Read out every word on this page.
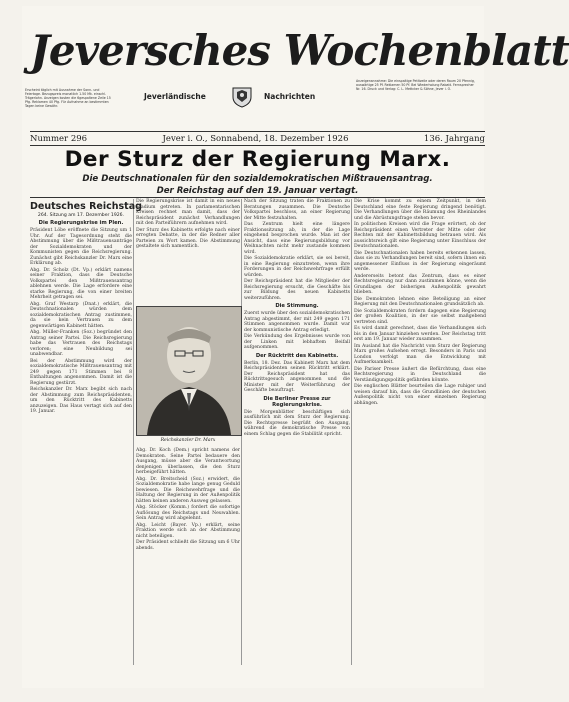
Erscheint täglich mit Ausnahme der Sonn- und Feiertage. Bezugspreis monatlich 1.50 Mk. einschl. Trägerlohn. Anzeigen kosten die 6gespaltene Zeile 15 Pfg. Reklamen 40 Pfg. Für Aufnahme an bestimmten Tagen keine Gewähr.
Anzeigenannahme: Die einspaltige Petitzeile oder deren Raum 20 Pfennig, auswärtige 25 Pf. Reklamen 50 Pf. Bei Wiederholung Rabatt. Fernsprecher Nr. 16. Druck und Verlag: C. L. Mettcker & Söhne, Jever i. O.
Jeversches Wochenblatt
Jeverländische	Nachrichten
Nummer 296	Jever i. O., Sonnabend, 18. Dezember 1926	136. Jahrgang
Der Sturz der Regierung Marx.
Die Deutschnationalen für den sozialdemokratischen Mißtrauensantrag.
Der Reichstag auf den 19. Januar vertagt.
Deutsches Reichstag
264. Sitzung am 17. Dezember 1926.
Die Regierungskrise im Plen.

Präsident Löbe eröffnete die Sitzung um 1 Uhr. Auf der Tagesordnung steht die Abstimmung über die Mißtrauensanträge der Sozialdemokraten und der Kommunisten gegen die Reichsregierung. Zunächst gibt Reichskanzler Dr. Marx eine Erklärung ab.

Abg. Dr. Scholz (Dt. Vp.) erklärt namens seiner Fraktion, dass die Deutsche Volkspartei den Mißtrauensantrag ablehnen werde. Die Lage erfordere eine starke Regierung, die von einer breiten Mehrheit getragen sei.

Abg. Graf Westarp (Dnat.) erklärt, die Deutschnationalen würden dem sozialdemokratischen Antrag zustimmen, da sie kein Vertrauen zu dem gegenwärtigen Kabinett hätten.

Abg. Müller-Franken (Soz.) begründet den Antrag seiner Partei. Die Reichsregierung habe das Vertrauen des Reichstags verloren; eine Neubildung sei unabwendbar.

Bei der Abstimmung wird der sozialdemokratische Mißtrauensantrag mit 249 gegen 171 Stimmen bei 8 Enthaltungen angenommen. Damit ist die Regierung gestürzt.

Reichskanzler Dr. Marx begibt sich nach der Abstimmung zum Reichspräsidenten, um den Rücktritt des Kabinetts anzuzeigen. Das Haus vertagt sich auf den 19. Januar.

Die Regierungskrise ist damit in ein neues Stadium getreten. In parlamentarischen Kreisen rechnet man damit, dass der Reichspräsident zunächst Verhandlungen mit den Parteiführern aufnehmen wird.

Der Sturz des Kabinetts erfolgte nach einer erregten Debatte, in der die Redner aller Parteien zu Wort kamen. Die Abstimmung gestaltete sich namentlich.

Reichskanzler Dr. Marx

Abg. Dr. Koch (Dem.) spricht namens der Demokraten. Seine Partei bedauere den Ausgang, müsse aber die Verantwortung denjenigen überlassen, die den Sturz herbeigeführt hätten.

Abg. Dr. Breitscheid (Soz.) erwidert, die Sozialdemokratie habe lange genug Geduld bewiesen. Die Reichswehrfrage und die Haltung der Regierung in der Außenpolitik hätten keinen anderen Ausweg gelassen.

Abg. Stöcker (Komm.) fordert die sofortige Auflösung des Reichstags und Neuwahlen. Sein Antrag wird abgelehnt.

Abg. Leicht (Bayer. Vp.) erklärt, seine Fraktion werde sich an der Abstimmung nicht beteiligen.

Der Präsident schließt die Sitzung um 6 Uhr abends.

Nach der Sitzung traten die Fraktionen zu Beratungen zusammen. Die Deutsche Volkspartei beschloss, an einer Regierung der Mitte festzuhalten.

Das Zentrum hielt eine längere Fraktionssitzung ab, in der die Lage eingehend besprochen wurde. Man ist der Ansicht, dass eine Regierungsbildung vor Weihnachten nicht mehr zustande kommen wird.

Die Sozialdemokratie erklärt, sie sei bereit, in eine Regierung einzutreten, wenn ihre Forderungen in der Reichswehrfrage erfüllt würden.

Der Reichspräsident hat die Mitglieder der Reichsregierung ersucht, die Geschäfte bis zur Bildung des neuen Kabinetts weiterzuführen.

Die Stimmung.

Zuerst wurde über den sozialdemokratischen Antrag abgestimmt, der mit 249 gegen 171 Stimmen angenommen wurde. Damit war der kommunistische Antrag erledigt.

Die Verkündung des Ergebnisses wurde von der Linken mit lebhaftem Beifall aufgenommen.

Der Rücktritt des Kabinetts.

Berlin, 18. Dez. Das Kabinett Marx hat dem Reichspräsidenten seinen Rücktritt erklärt. Der Reichspräsident hat das Rücktrittsgesuch angenommen und die Minister mit der Weiterführung der Geschäfte beauftragt.

Die Berliner Presse zur Regierungskrise.

Die Morgenblätter beschäftigen sich ausführlich mit dem Sturz der Regierung. Die Rechtspresse begrüßt den Ausgang, während die demokratische Presse von einem Schlag gegen die Stabilität spricht.

Die Krise kommt zu einem Zeitpunkt, in dem Deutschland eine feste Regierung dringend benötigt. Die Verhandlungen über die Räumung des Rheinlandes und die Abrüstungsfrage stehen bevor.

In politischen Kreisen wird die Frage erörtert, ob der Reichspräsident einen Vertreter der Mitte oder der Rechten mit der Kabinettsbildung betrauen wird. Als aussichtsreich gilt eine Regierung unter Einschluss der Deutschnationalen.

Die Deutschnationalen haben bereits erkennen lassen, dass sie zu Verhandlungen bereit sind, sofern ihnen ein angemessener Einfluss in der Regierung eingeräumt werde.

Andererseits betont das Zentrum, dass es einer Rechtsregierung nur dann zustimmen könne, wenn die Grundlagen der bisherigen Außenpolitik gewahrt blieben.

Die Demokraten lehnen eine Beteiligung an einer Regierung mit den Deutschnationalen grundsätzlich ab.

Die Sozialdemokraten fordern dagegen eine Regierung der großen Koalition, in der sie selbst maßgebend vertreten sind.

Es wird damit gerechnet, dass die Verhandlungen sich bis in den Januar hinziehen werden. Der Reichstag tritt erst am 19. Januar wieder zusammen.

Im Ausland hat die Nachricht vom Sturz der Regierung Marx großes Aufsehen erregt. Besonders in Paris und London verfolgt man die Entwicklung mit Aufmerksamkeit.

Die Pariser Presse äußert die Befürchtung, dass eine Rechtsregierung in Deutschland die Verständigungspolitik gefährden könnte.

Die englischen Blätter beurteilen die Lage ruhiger und weisen darauf hin, dass die Grundlinien der deutschen Außenpolitik nicht von einer einzelnen Regierung abhängen.
